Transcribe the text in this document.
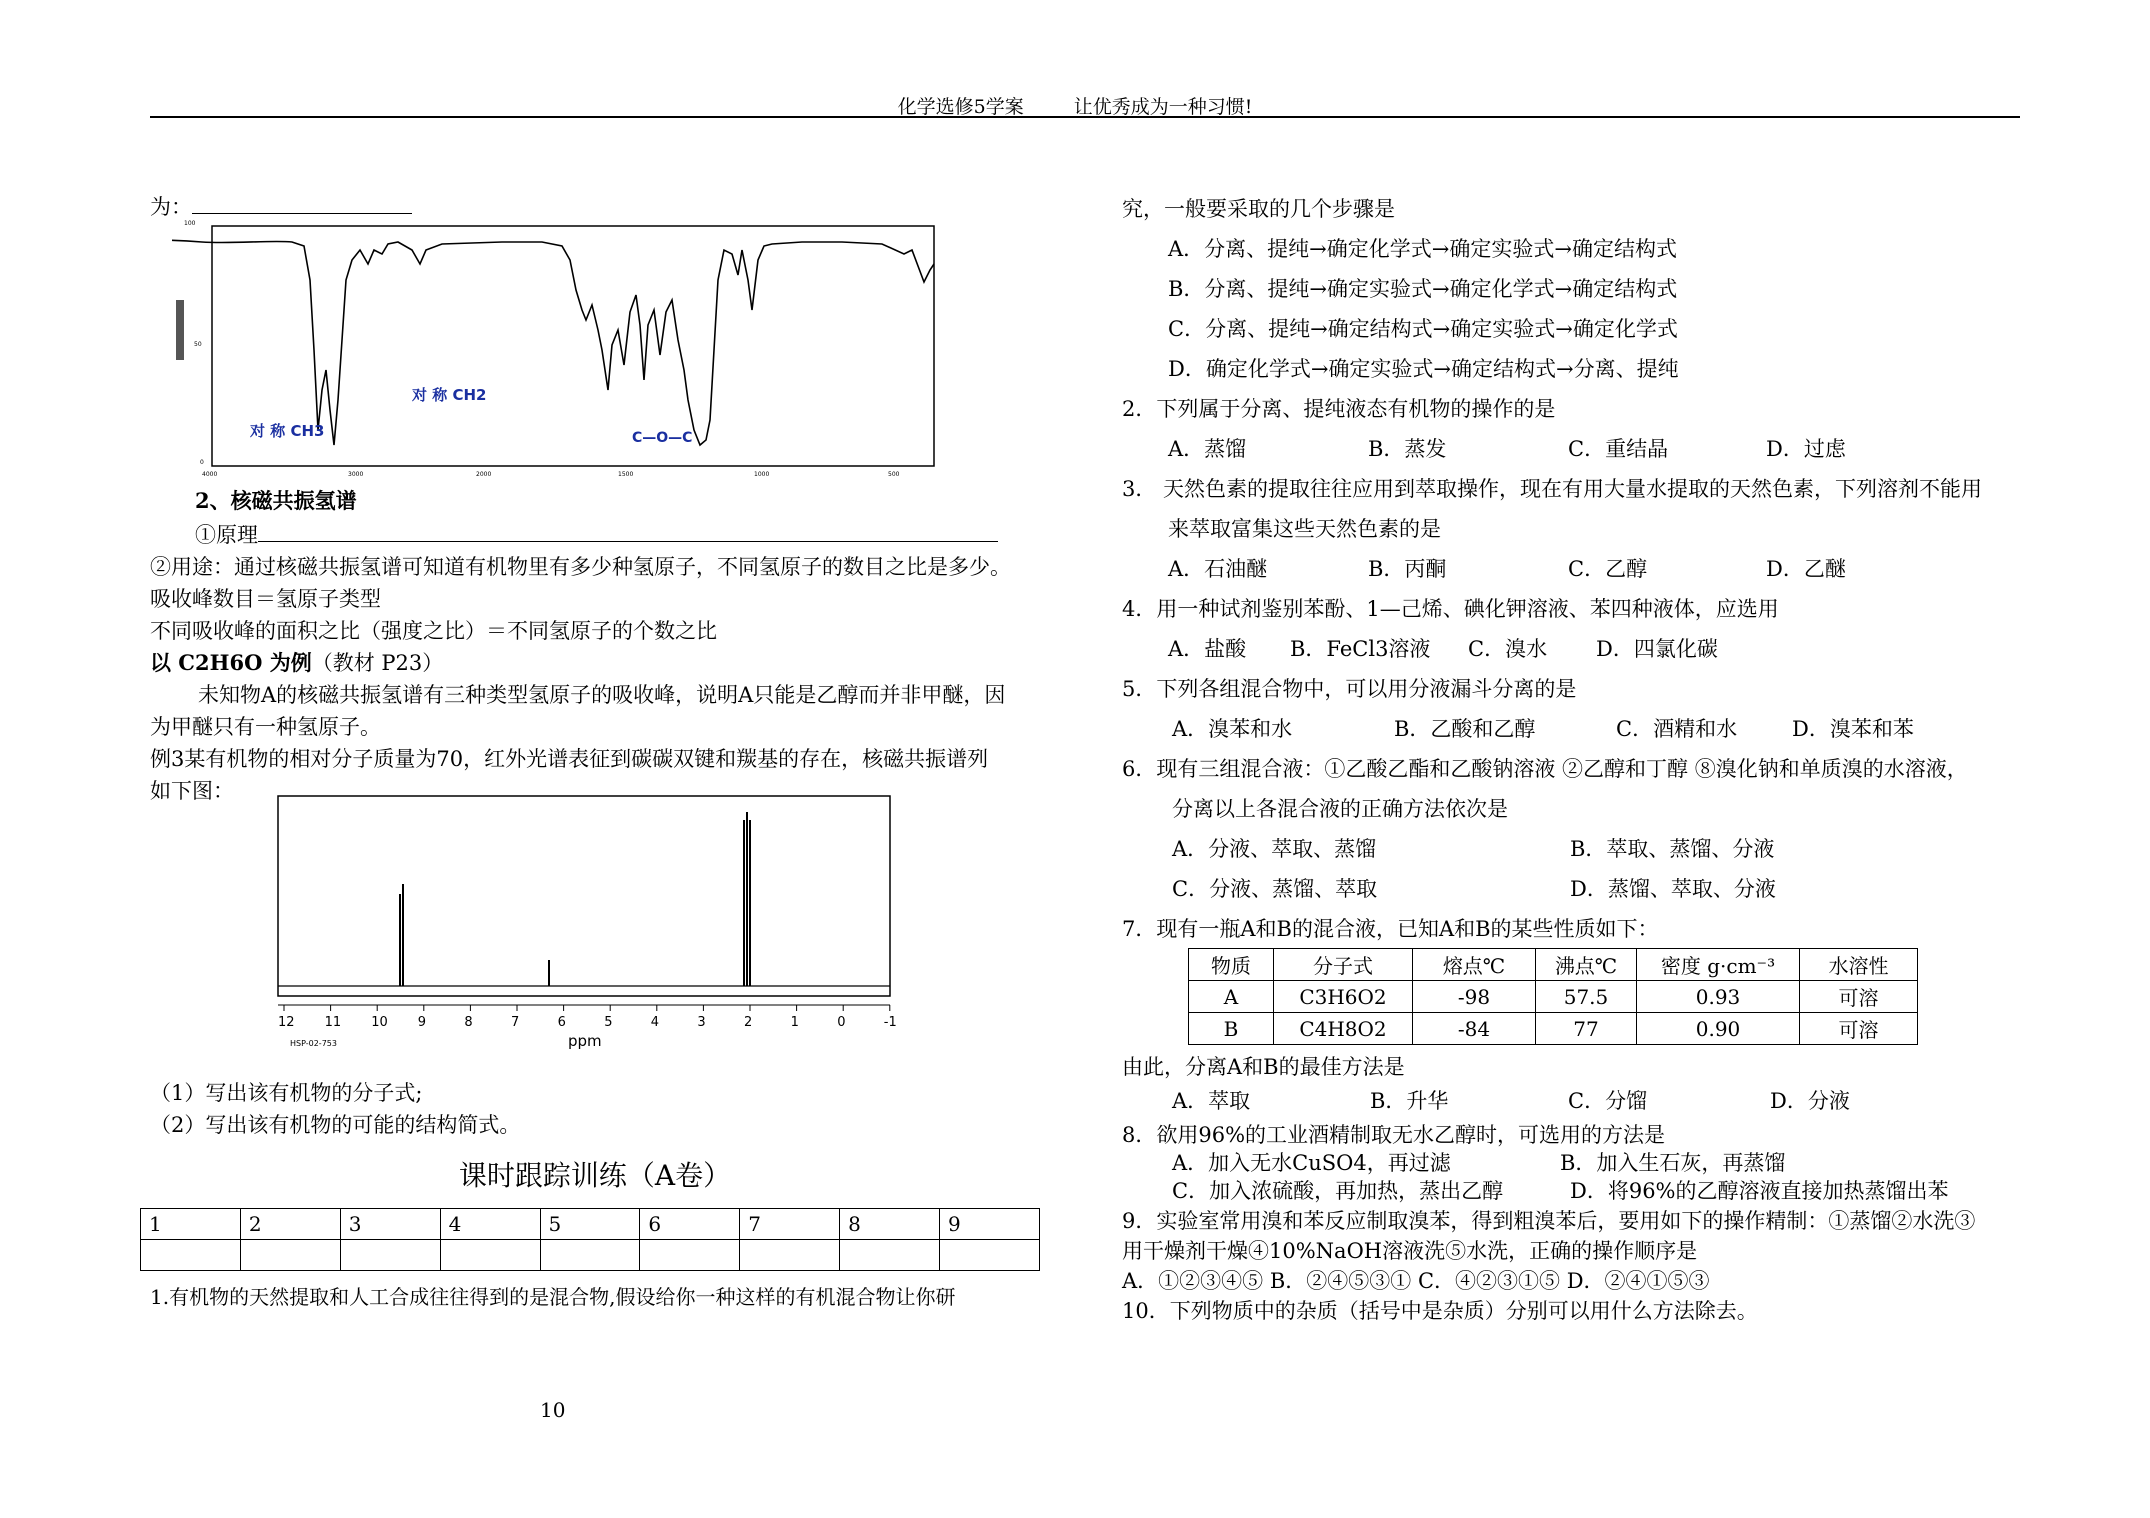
化学选修5学案	让优秀成为一种习惯!
为：
100
50
0
对 称 CH3
对 称 CH2
C—O—C
4000	3000	2000	1500	1000	500
2、核磁共振氢谱
①原理
②用途：通过核磁共振氢谱可知道有机物里有多少种氢原子，不同氢原子的数目之比是多少。
吸收峰数目＝氢原子类型
不同吸收峰的面积之比（强度之比）＝不同氢原子的个数之比
以 C2H6O 为例（教材 P23）
未知物A的核磁共振氢谱有三种类型氢原子的吸收峰，说明A只能是乙醇而并非甲醚，因
为甲醚只有一种氢原子。
例3某有机物的相对分子质量为70，红外光谱表征到碳碳双键和羰基的存在，核磁共振谱列
如下图：
12 11 10 9	8	7	6	5	4	3	2	1	0	-1
ppm
HSP-02-753
（1）写出该有机物的分子式;
（2）写出该有机物的可能的结构简式。
课时跟踪训练（A卷）
1	2	3	4	5	6	7	8	9

1.有机物的天然提取和人工合成往往得到的是混合物,假设给你一种这样的有机混合物让你研
10
究，一般要采取的几个步骤是
A．分离、提纯→确定化学式→确定实验式→确定结构式
B．分离、提纯→确定实验式→确定化学式→确定结构式
C．分离、提纯→确定结构式→确定实验式→确定化学式
D．确定化学式→确定实验式→确定结构式→分离、提纯
2．下列属于分离、提纯液态有机物的操作的是
A．蒸馏	B．蒸发	C．重结晶	D．过虑
3． 天然色素的提取往往应用到萃取操作，现在有用大量水提取的天然色素，下列溶剂不能用
来萃取富集这些天然色素的是
A．石油醚	B．丙酮	C．乙醇	D．乙醚
4．用一种试剂鉴别苯酚、1—己烯、碘化钾溶液、苯四种液体，应选用
A．盐酸 B．FeCl3溶液 C．溴水 D．四氯化碳
5．下列各组混合物中，可以用分液漏斗分离的是
A．溴苯和水	B．乙酸和乙醇	C．酒精和水	D．溴苯和苯
6．现有三组混合液：①乙酸乙酯和乙酸钠溶液 ②乙醇和丁醇 ⑧溴化钠和单质溴的水溶液，
分离以上各混合液的正确方法依次是
A．分液、萃取、蒸馏	B．萃取、蒸馏、分液
C．分液、蒸馏、萃取	D．蒸馏、萃取、分液
7．现有一瓶A和B的混合液，已知A和B的某些性质如下：
物质	分子式	熔点℃	沸点℃	密度 g·cm⁻³	水溶性
A	C3H6O2	-98	57.5	0.93	可溶
B	C4H8O2	-84	77	0.90	可溶
由此，分离A和B的最佳方法是
A．萃取	B．升华	C．分馏	D．分液
8．欲用96%的工业酒精制取无水乙醇时，可选用的方法是
A．加入无水CuSO4，再过滤	B．加入生石灰，再蒸馏
C．加入浓硫酸，再加热，蒸出乙醇	D．将96%的乙醇溶液直接加热蒸馏出苯
9．实验室常用溴和苯反应制取溴苯，得到粗溴苯后，要用如下的操作精制：①蒸馏②水洗③
用干燥剂干燥④10%NaOH溶液洗⑤水洗，正确的操作顺序是
A．①②③④⑤ B．②④⑤③① C．④②③①⑤ D．②④①⑤③
10．下列物质中的杂质（括号中是杂质）分别可以用什么方法除去。
